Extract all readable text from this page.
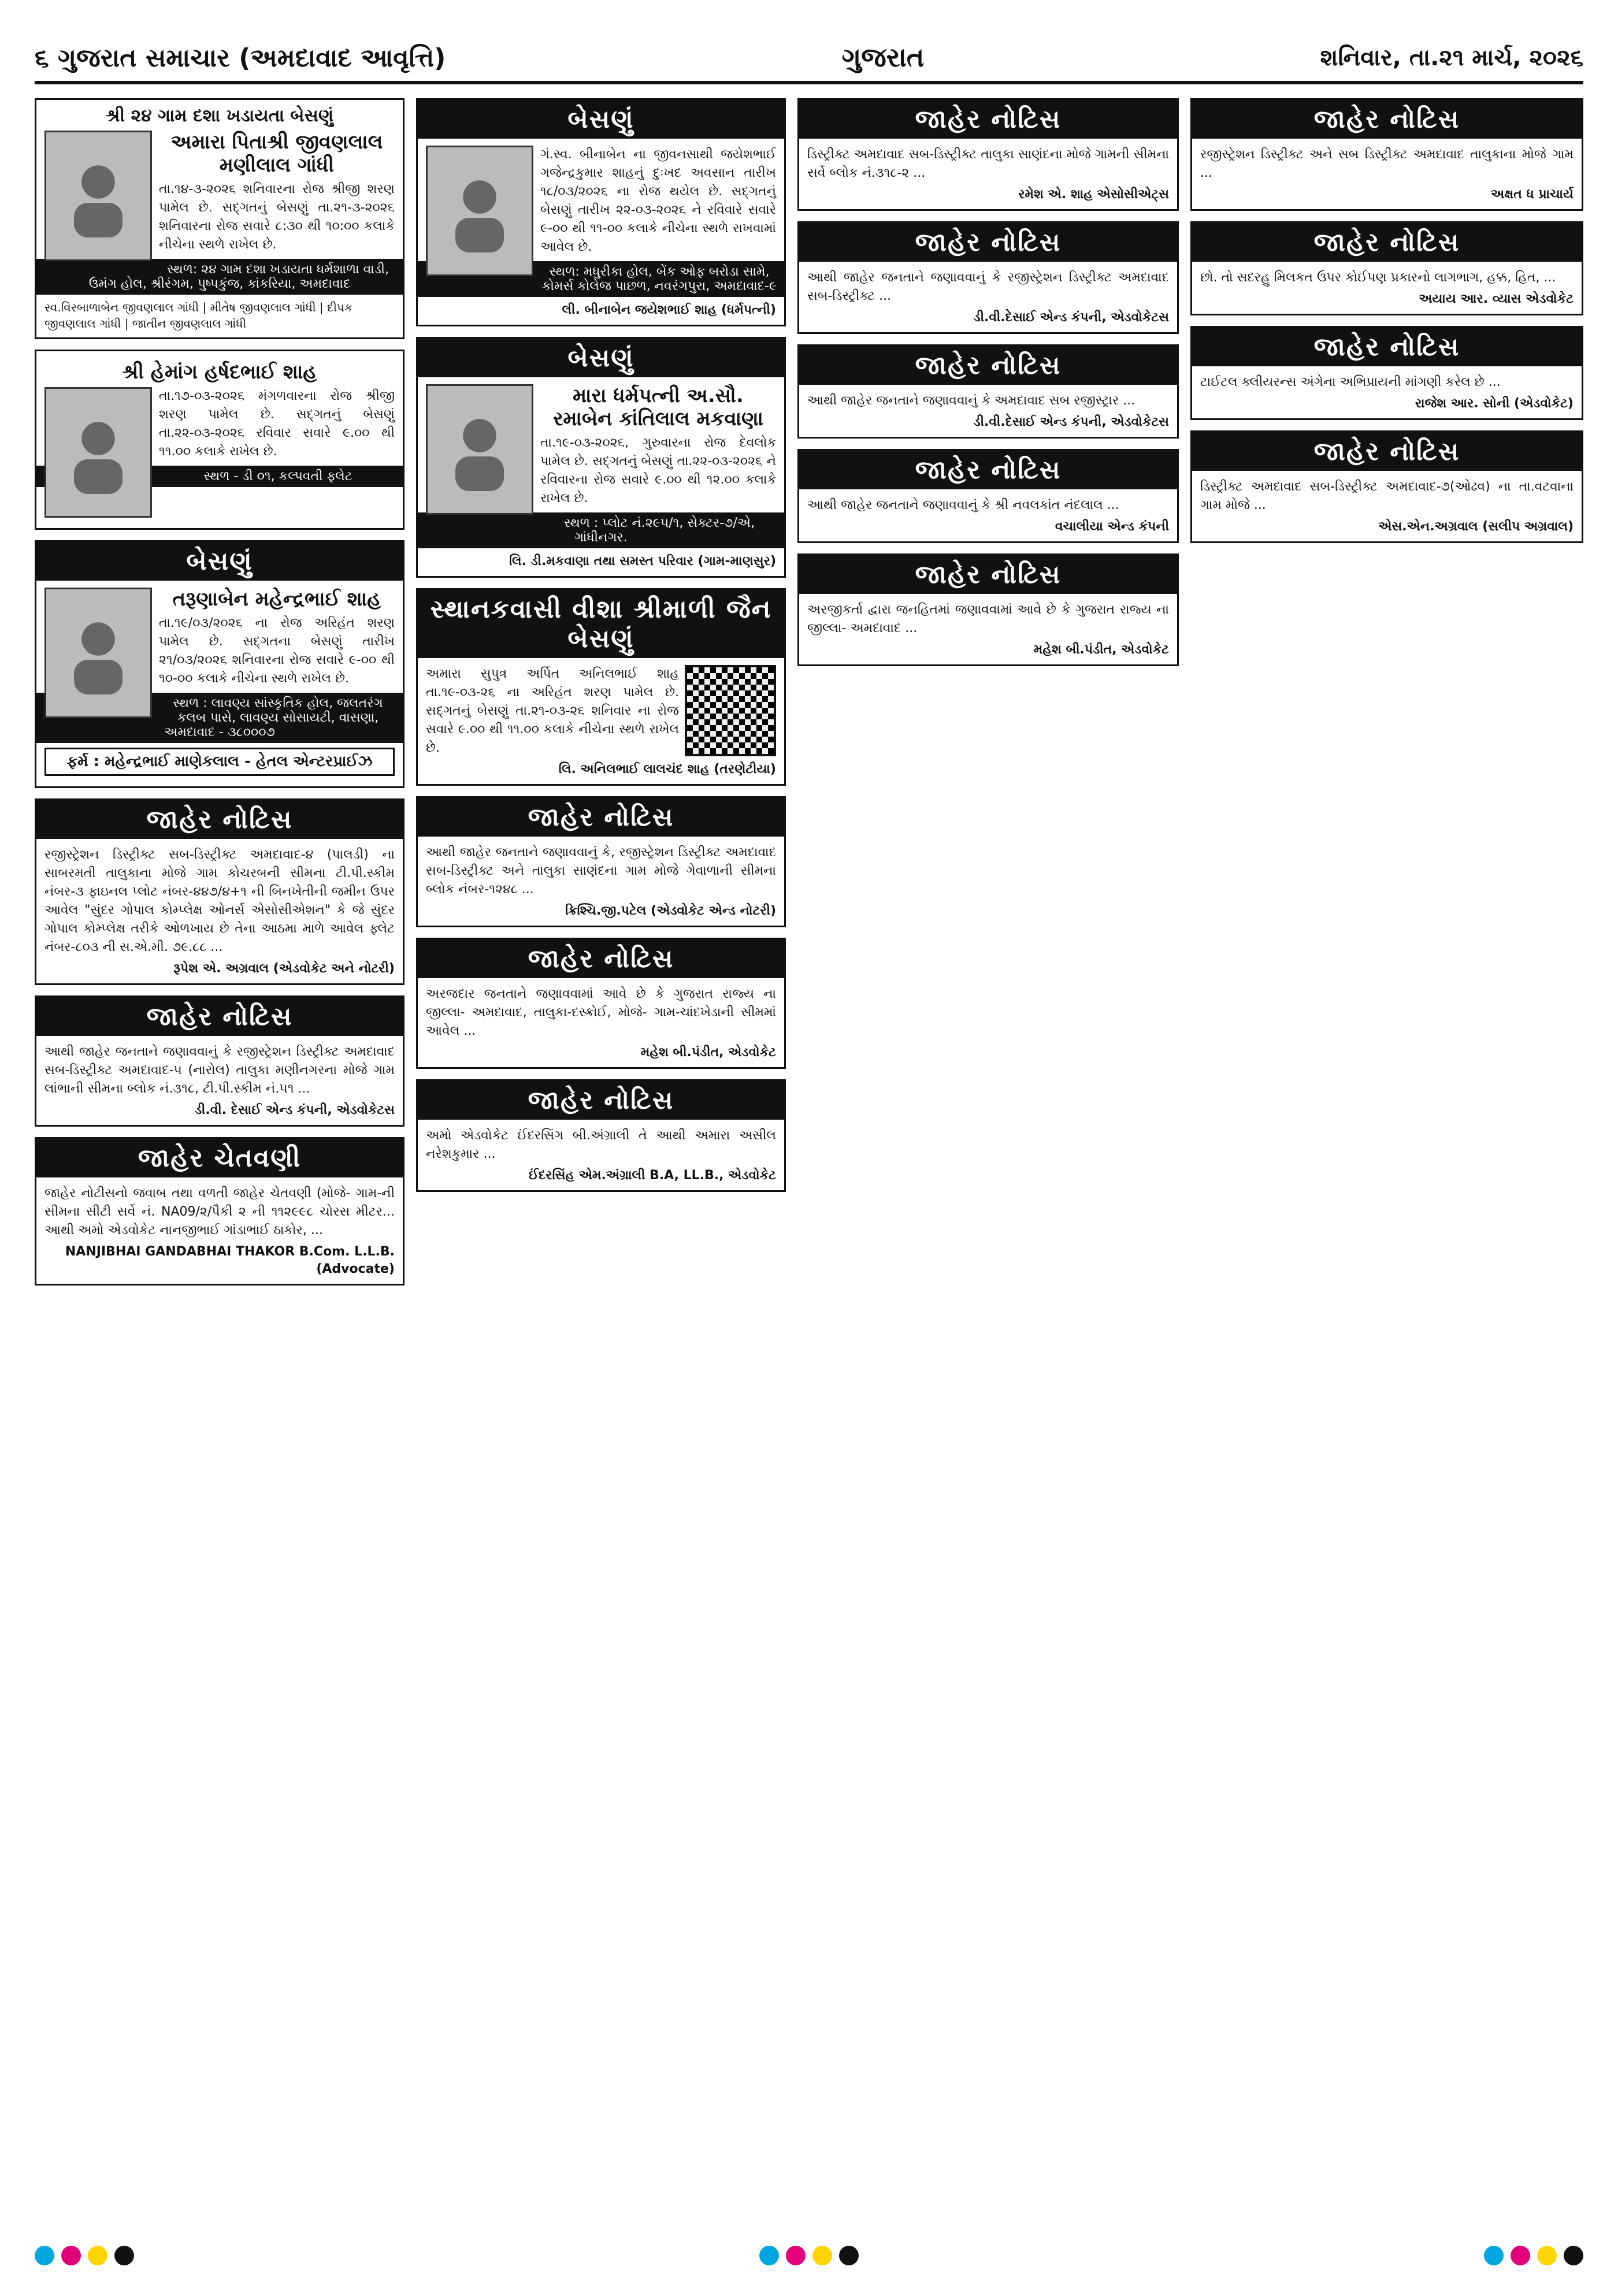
૬ ગુજરાત સમાચાર (અમદાવાદ આવૃત્તિ)	ગુજરાત	શનિવાર, તા.૨૧ માર્ચ, ૨૦૨૬
શ્રી ૨૪ ગામ દશા ખડાયતા બેસણું
અમારા પિતાશ્રી જીવણલાલ મણીલાલ ગાંધી
તા.૧૪-૩-૨૦૨૬ શનિવારના રોજ શ્રીજી શરણ પામેલ છે. સદ્‌ગતનું બેસણું તા.૨૧-૩-૨૦૨૬ શનિવારના રોજ સવારે ૮:૩૦ થી ૧૦:૦૦ કલાકે નીચેના સ્થળે રાખેલ છે.
સ્થળ: ૨૪ ગામ દશા ખડાયતા ધર્મશાળા વાડી, ઉમંગ હોલ, શ્રીરંગમ, પુષ્પકુંજ, કાંકરિયા, અમદાવાદ
સ્વ.વિરબાળાબેન જીવણલાલ ગાંધી | મીતેષ જીવણલાલ ગાંધી | દીપક જીવણલાલ ગાંધી | જાતીન જીવણલાલ ગાંધી
શ્રી હેમાંગ હર્ષદભાઈ શાહ
તા.૧૭-૦૩-૨૦૨૬ મંગળવારના રોજ શ્રીજી શરણ પામેલ છે. સદ્‌ગતનું બેસણું તા.૨૨-૦૩-૨૦૨૬ રવિવાર સવારે ૯.૦૦ થી ૧૧.૦૦ કલાકે રાખેલ છે.
સ્થળ - ડી ૦૧, કલ્પવતી ફ્લેટ
બેસણું
તરૂણાબેન મહેન્દ્રભાઈ શાહ
તા.૧૯/૦૩/૨૦૨૬ ના રોજ અરિહંત શરણ પામેલ છે. સદ્‌ગતના બેસણું તારીખ ૨૧/૦૩/૨૦૨૬ શનિવારના રોજ સવારે ૯-૦૦ થી ૧૦-૦૦ કલાકે નીચેના સ્થળે રાખેલ છે.
સ્થળ : લાવણ્ય સાંસ્કૃતિક હોલ, જલતરંગ કલબ પાસે, લાવણ્ય સોસાયટી, વાસણા, અમદાવાદ - ૩૮૦૦૦૭
ફર્મ : મહેન્દ્રભાઈ માણેકલાલ - હેતલ એન્ટરપ્રાઈઝ
જાહેર નોટિસ
રજીસ્ટ્રેશન ડિસ્ટ્રીક્ટ સબ-ડિસ્ટ્રીક્ટ અમદાવાદ-૪ (પાલડી) ના સાબરમતી તાલુકાના મોજે ગામ કોચરબની સીમના ટી.પી.સ્કીમ નંબર-૩ ફાઇનલ પ્લોટ નંબર-૪૪૭/૪+૧ ની બિનખેતીની જમીન ઉપર આવેલ "સુંદર ગોપાલ કોમ્પ્લેક્ષ ઓનર્સ એસોસીએશન" કે જે સુંદર ગોપાલ કોમ્પ્લેક્ષ તરીકે ઓળખાય છે તેના આઠમા માળે આવેલ ફ્લેટ નંબર-૮૦૩ ની સ.એ.મી. ૭૯.૮૮ ...
રૂપેશ એ. અગ્રવાલ (એડવોકેટ અને નોટરી)
જાહેર નોટિસ
આથી જાહેર જનતાને જણાવવાનું કે રજીસ્ટ્રેશન ડિસ્ટ્રીક્ટ અમદાવાદ સબ-ડિસ્ટ્રીક્ટ અમદાવાદ-૫ (નારોલ) તાલુકા મણીનગરના મોજે ગામ લાંભાની સીમના બ્લોક નં.૩૧૮, ટી.પી.સ્કીમ નં.૫૧ ...
ડી.વી. દેસાઈ એન્ડ કંપની, એડવોકેટસ
જાહેર ચેતવણી
જાહેર નોટીસનો જવાબ તથા વળતી જાહેર ચેતવણી (મોજે- ગામ-ની સીમના સીટી સર્વે નં. NA09/૨/પૈકી ૨ ની ૧૧૨૯૯૮ ચોરસ મીટર... આથી અમો એડવોકેટ નાનજીભાઈ ગાંડાભાઈ ઠાકોર, ...
NANJIBHAI GANDABHAI THAKOR B.Com. L.L.B. (Advocate)
બેસણું
ગં.સ્વ. બીનાબેન ના જીવનસાથી જયેશભાઈ ગજેન્દ્રકુમાર શાહનું દુઃખદ અવસાન તારીખ ૧૮/૦૩/૨૦૨૬ ના રોજ થયેલ છે. સદ્‌ગતનું બેસણું તારીખ ૨૨-૦૩-૨૦૨૬ ને રવિવારે સવારે ૯-૦૦ થી ૧૧-૦૦ કલાકે નીચેના સ્થળે રાખવામાં આવેલ છે.
સ્થળ: મધુરીકા હોલ, બેંક ઓફ બરોડા સામે, કોમર્સ કોલેજ પાછળ, નવરંગપુરા, અમદાવાદ-૯
લી. બીનાબેન જયેશભાઈ શાહ (ધર્મપત્ની)
બેસણું
મારા ધર્મપત્ની અ.સૌ. રમાબેન કાંતિલાલ મકવાણા
તા.૧૯-૦૩-૨૦૨૬, ગુરુવારના રોજ દેવલોક પામેલ છે. સદ્‌ગતનું બેસણું તા.૨૨-૦૩-૨૦૨૬ ને રવિવારના રોજ સવારે ૯.૦૦ થી ૧૨.૦૦ કલાકે રાખેલ છે.
સ્થળ : પ્લોટ નં.૨૯૫/૧, સેક્ટર-૭/એ, ગાંધીનગર.
લિ. ડી.મકવાણા તથા સમસ્ત પરિવાર (ગામ-માણસુર)
સ્થાનકવાસી વીશા શ્રીમાળી જૈન બેસણું
અમારા સુપુત્ર અર્પિત અનિલભાઈ શાહ તા.૧૯-૦૩-૨૬ ના અરિહંત શરણ પામેલ છે. સદ્‌ગતનું બેસણું તા.૨૧-૦૩-૨૬ શનિવાર ના રોજ સવારે ૯.૦૦ થી ૧૧.૦૦ કલાકે નીચેના સ્થળે રાખેલ છે.
લિ. અનિલભાઈ લાલચંદ શાહ (તરણેટીયા)
જાહેર નોટિસ
આથી જાહેર જનતાને જણાવવાનું કે, રજીસ્ટ્રેશન ડિસ્ટ્રીક્ટ અમદાવાદ સબ-ડિસ્ટ્રીક્ટ અને તાલુકા સાણંદના ગામ મોજે ગેવાળાની સીમના બ્લોક નંબર-૧૨૪૮ ...
ક્રિશ્ચિ.જી.પટેલ (એડવોકેટ એન્ડ નોટરી)
જાહેર નોટિસ
અરજદાર જનતાને જણાવવામાં આવે છે કે ગુજરાત રાજ્ય ના જીલ્લા- અમદાવાદ, તાલુકા-દસ્ક્રોઈ, મોજે- ગામ-ચાંદખેડાની સીમમાં આવેલ ...
મહેશ બી.પંડીત, એડવોકેટ
જાહેર નોટિસ
અમો એડવોકેટ ઈંદરસિંગ બી.અંગ્રાલી તે આથી અમારા અસીલ નરેશકુમાર ...
ઈંદરસિંહ એમ.અંગ્રાલી B.A, LL.B., એડવોકેટ
જાહેર નોટિસ
ડિસ્ટ્રીક્ટ અમદાવાદ સબ-ડિસ્ટ્રીક્ટ તાલુકા સાણંદના મોજે ગામની સીમના સર્વે બ્લોક નં.૩૧૮-૨ ...
રમેશ એ. શાહ એસોસીએટ્સ
જાહેર નોટિસ
આથી જાહેર જનતાને જણાવવાનું કે રજીસ્ટ્રેશન ડિસ્ટ્રીક્ટ અમદાવાદ સબ-ડિસ્ટ્રીક્ટ ...
ડી.વી.દેસાઈ એન્ડ કંપની, એડવોકેટસ
જાહેર નોટિસ
આથી જાહેર જનતાને જણાવવાનું કે અમદાવાદ સબ રજીસ્ટ્રાર ...
ડી.વી.દેસાઈ એન્ડ કંપની, એડવોકેટસ
જાહેર નોટિસ
આથી જાહેર જનતાને જણાવવાનું કે શ્રી નવલકાંત નંદલાલ ...
વચાલીયા એન્ડ કંપની
જાહેર નોટિસ
અરજીકર્તા દ્વારા જનહિતમાં જણાવવામાં આવે છે કે ગુજરાત રાજ્ય ના જીલ્લા- અમદાવાદ ...
મહેશ બી.પંડીત, એડવોકેટ
જાહેર નોટિસ
રજીસ્ટ્રેશન ડિસ્ટ્રીક્ટ અને સબ ડિસ્ટ્રીક્ટ અમદાવાદ તાલુકાના મોજે ગામ ...
અક્ષત ધ પ્રાચાર્ય
જાહેર નોટિસ
છો. તો સદરહુ મિલકત ઉપર કોઈપણ પ્રકારનો લાગભાગ, હક્ક, હિત, ...
અયાય આર. વ્યાસ એડવોકેટ
જાહેર નોટિસ
ટાઈટલ ક્લીયરન્સ અંગેના અભિપ્રાયની માંગણી કરેલ છે ...
રાજેશ આર. સોની (એડવોકેટ)
જાહેર નોટિસ
ડિસ્ટ્રીક્ટ અમદાવાદ સબ-ડિસ્ટ્રીક્ટ અમદાવાદ-૭(ઓઢવ) ના તા.વટવાના ગામ મોજે ...
એસ.એન.અગ્રવાલ (સલીપ અગ્રવાલ)
